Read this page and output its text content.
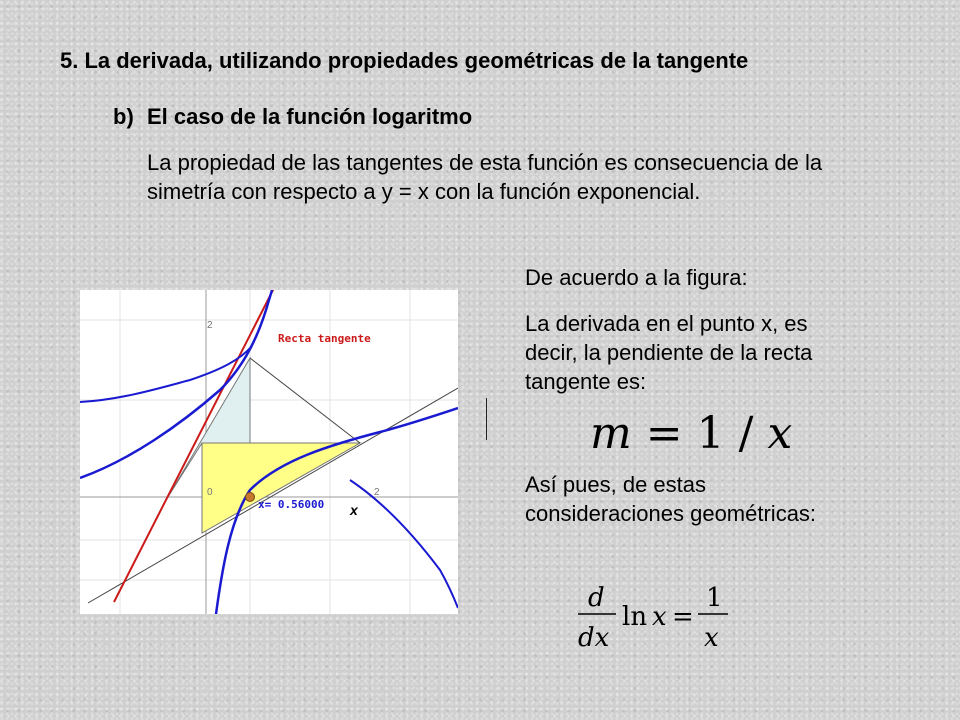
5. La derivada, utilizando propiedades geométricas de la tangente
b) El caso de la función logaritmo
La propiedad de las tangentes de esta función es consecuencia de la simetría con respecto a y = x con la función exponencial.
De acuerdo a la figura:
La derivada en el punto x, es decir, la pendiente de la recta tangente es:
m = 1 / x
Así pues, de estas consideraciones geométricas:
d
dx
ln x =
1
x
Recta tangente
x= 0.56000 x
0	2
2
